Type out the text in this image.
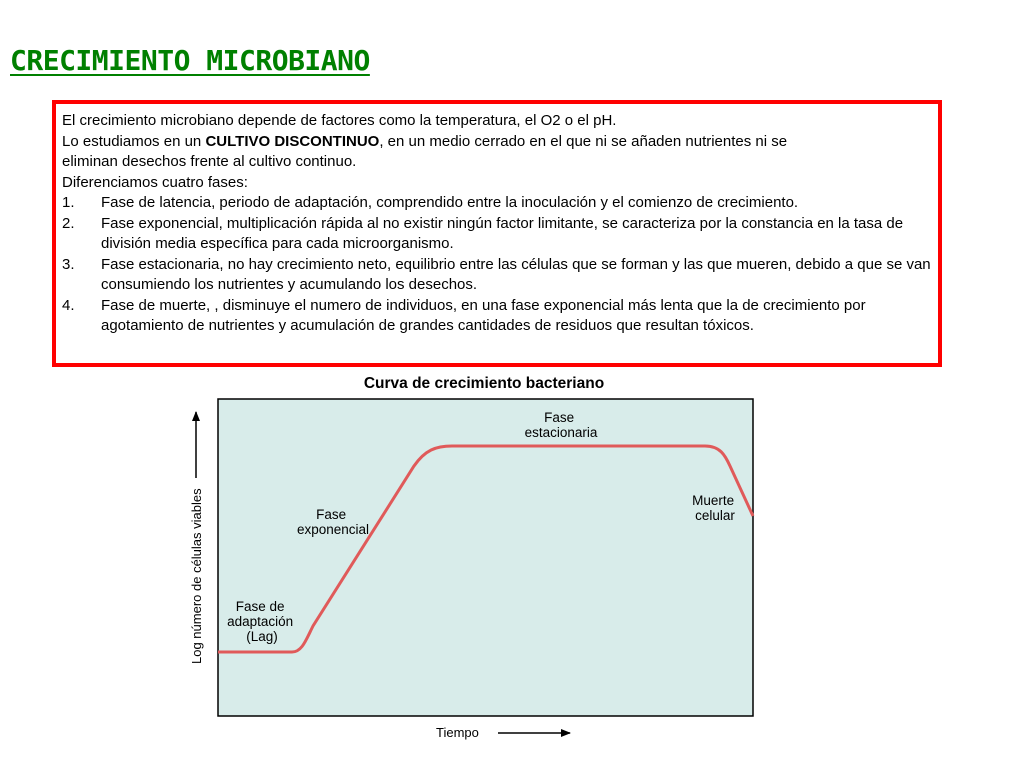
CRECIMIENTO MICROBIANO

El crecimiento microbiano depende de factores como la temperatura, el O2 o el pH.

Lo estudiamos en un CULTIVO DISCONTINUO, en un medio cerrado en el que ni se añaden nutrientes ni se

eliminan desechos frente al cultivo continuo.

Diferenciamos cuatro fases:

1.	Fase de latencia, periodo de adaptación, comprendido entre la inoculación y el comienzo de crecimiento.
2.	Fase exponencial, multiplicación rápida al no existir ningún factor limitante, se caracteriza por la constancia en la tasa de división media específica para cada microorganismo.
3.	Fase estacionaria, no hay crecimiento neto, equilibrio entre las células que se forman y las que mueren, debido a que se van consumiendo los nutrientes y acumulando los desechos.
4.	Fase de muerte, , disminuye el numero de individuos, en una fase exponencial más lenta que la de crecimiento por agotamiento de nutrientes y acumulación de grandes cantidades de residuos que resultan tóxicos.
Curva de crecimiento bacteriano
Fase de adaptación (Lag)
Fase exponencial
Fase estacionaria
Muerte celular
Log número de células viables
Tiempo
